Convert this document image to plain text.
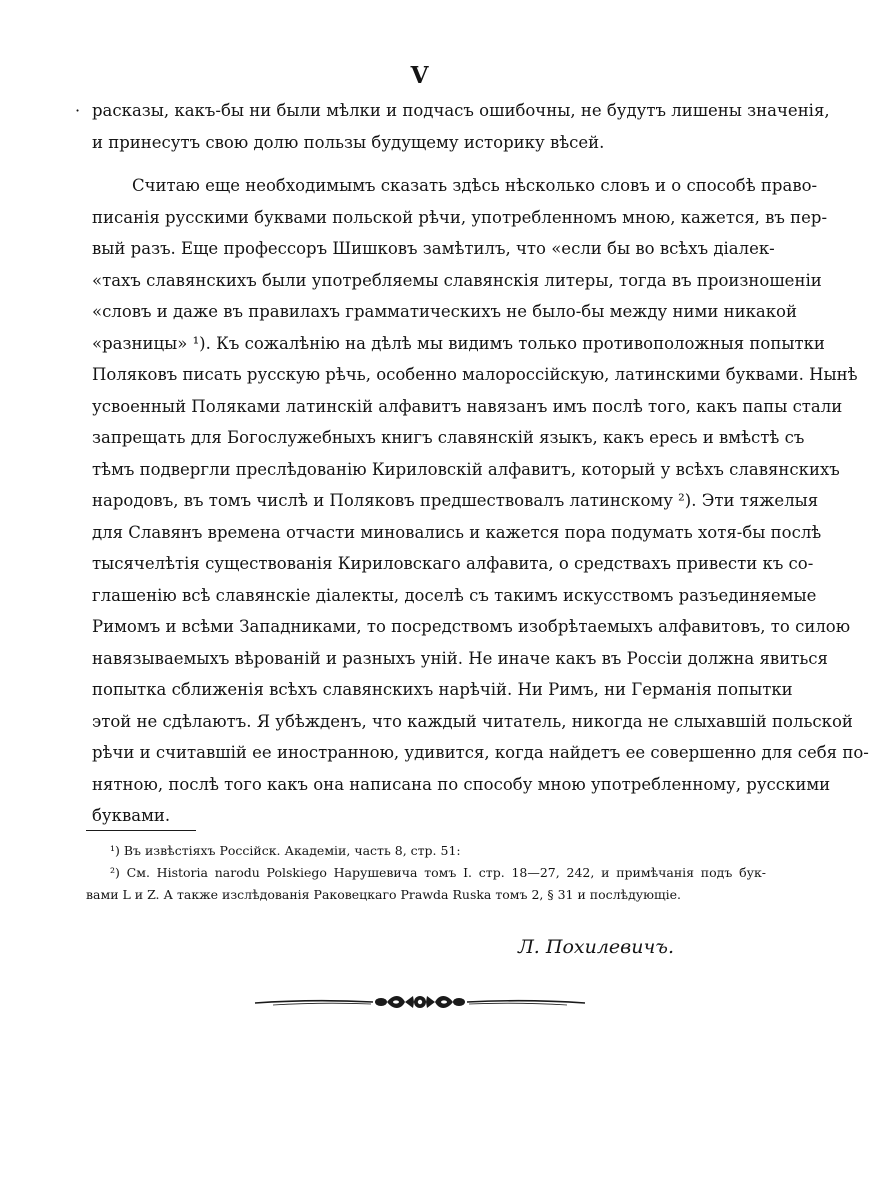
V
· расказы, какъ-бы ни были мѣлки и подчасъ ошибочны, не будутъ лишены значенія,
и принесутъ свою долю пользы будущему историку вѣсей.
Считаю еще необходимымъ сказать здѣсь нѣсколько словъ и о способѣ право-
писанія русскими буквами польской рѣчи, употребленномъ мною, кажется, въ пер-
вый разъ. Еще профессоръ Шишковъ замѣтилъ, что «если бы во всѣхъ діалек-
«тахъ славянскихъ были употребляемы славянскія литеры, тогда въ произношеніи
«словъ и даже въ правилахъ грамматическихъ не было-бы между ними никакой
«разницы» ¹). Къ сожалѣнію на дѣлѣ мы видимъ только противоположныя попытки
Поляковъ писать русскую рѣчь, особенно малороссійскую, латинскими буквами. Нынѣ
усвоенный Поляками латинскій алфавитъ навязанъ имъ послѣ того, какъ папы стали
запрещать для Богослужебныхъ книгъ славянскій языкъ, какъ ересь и вмѣстѣ съ
тѣмъ подвергли преслѣдованію Кириловскій алфавитъ, который у всѣхъ славянскихъ
народовъ, въ томъ числѣ и Поляковъ предшествовалъ латинскому ²). Эти тяжелыя
для Славянъ времена отчасти миновались и кажется пора подумать хотя-бы послѣ
тысячелѣтія существованія Кириловскаго алфавита, о средствахъ привести къ со-
глашенію всѣ славянскіе діалекты, доселѣ съ такимъ искусствомъ разъединяемые
Римомъ и всѣми Западниками, то посредствомъ изобрѣтаемыхъ алфавитовъ, то силою
навязываемыхъ вѣрованій и разныхъ уній. Не иначе какъ въ Россіи должна явиться
попытка сближенія всѣхъ славянскихъ нарѣчій. Ни Римъ, ни Германія попытки
этой не сдѣлаютъ. Я убѣжденъ, что каждый читатель, никогда не слыхавшій польской
рѣчи и считавшій ее иностранною, удивится, когда найдетъ ее совершенно для себя по-
нятною, послѣ того какъ она написана по способу мною употребленному, русскими
буквами.
¹) Въ извѣстіяхъ Россійск. Академіи, часть 8, стр. 51:
²) См. Historia narodu Polskiego Нарушевича томъ I. стр. 18—27, 242, и примѣчанія подъ бук-
вами L и Z. А также изслѣдованія Раковецкаго Prawda Ruska томъ 2, § 31 и послѣдующіе.
Л. Похилевичъ.
